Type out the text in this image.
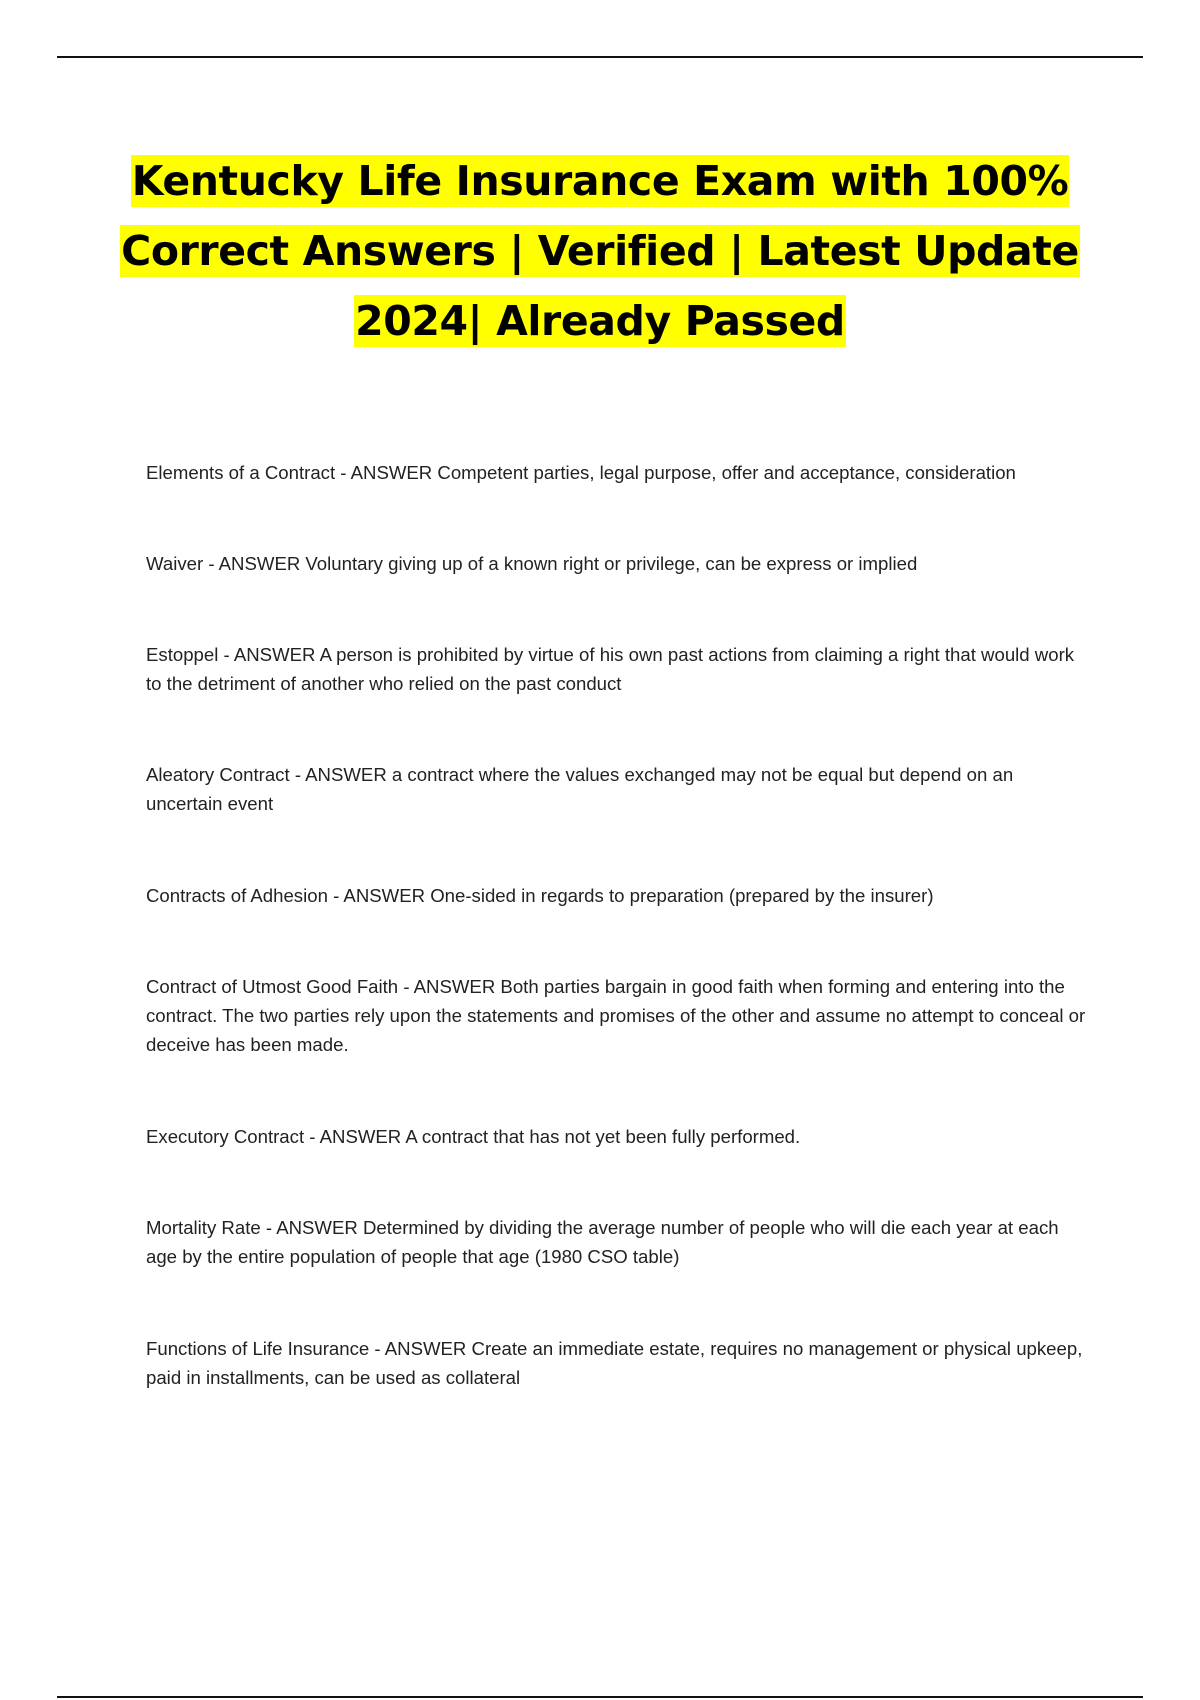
Kentucky Life Insurance Exam with 100%
Correct Answers | Verified | Latest Update
2024| Already Passed

Elements of a Contract - ANSWER Competent parties, legal purpose, offer and acceptance, consideration

Waiver - ANSWER Voluntary giving up of a known right or privilege, can be express or implied

Estoppel - ANSWER A person is prohibited by virtue of his own past actions from claiming a right that would work to the detriment of another who relied on the past conduct

Aleatory Contract - ANSWER a contract where the values exchanged may not be equal but depend on an uncertain event

Contracts of Adhesion - ANSWER One-sided in regards to preparation (prepared by the insurer)

Contract of Utmost Good Faith - ANSWER Both parties bargain in good faith when forming and entering into the contract. The two parties rely upon the statements and promises of the other and assume no attempt to conceal or deceive has been made.

Executory Contract - ANSWER A contract that has not yet been fully performed.

Mortality Rate - ANSWER Determined by dividing the average number of people who will die each year at each age by the entire population of people that age (1980 CSO table)

Functions of Life Insurance - ANSWER Create an immediate estate, requires no management or physical upkeep, paid in installments, can be used as collateral
